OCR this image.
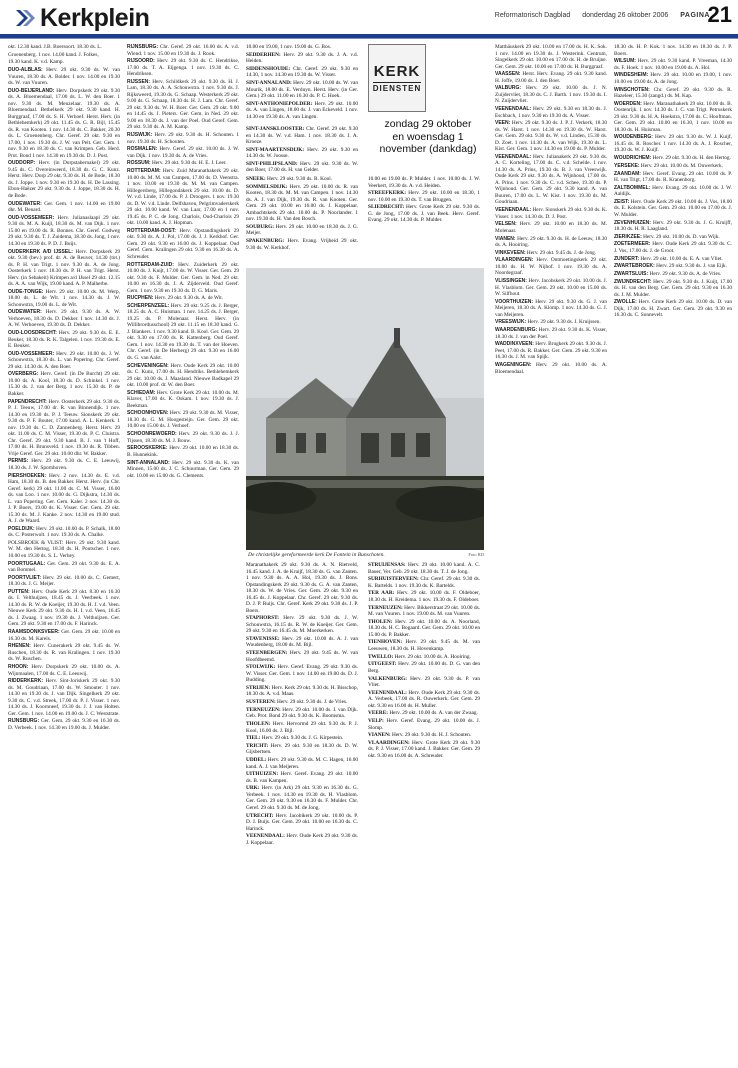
Kerkplein	Reformatorisch Dagblad donderdag 26 oktober 2006 PAGINA
21

okt. 12.30 kand. J.B. Boersoort. 18.30 ds. L.

Groenenberg. 1 nov. 14.00 kand. J. Folkes,

19.30 kand. K. v.d. Kamp.

DUO-ALBLAS: Herv. 29 okt. 9.30 ds. W. van Vuuren, 18.30 ds. A. Bolder. 1 nov. 14.00 en 19.30 ds. W. van Vuuren.

DUO-BEIJERLAND: Herv. Dorpskerk 29 okt. 9.30 ds. A. Bloemendaal, 17.00 ds. L. W. den Boer. 1 nov. 9.30 ds. M. Meuzelaar. 19.30 ds. A. Bloemendaal. Bethelkerk 29 okt. 9.30 kand. H. Burggraaf, 17.00 ds. S. H. Verhoef. Herst. Herv. (in Bethlehemkerk) 29 okt. 11.45 ds. G. R. Bijl, 15.45 ds. R. van Kooten. 1 nov. 14.30 ds. C. Bakker, 20.30 ds. L. Groenenberg. Chr. Geref. 29 okt. 9.30 en 17.00, 1 nov. 19.30 ds. J. W. van Pelt. Ger. Gem. 1 nov. 9.30 en 18.30 ds. C. van Krimpen. Geb. Herd. Prot. Bond 1 nov. 14.30 en 19.30 ds. D. J. Post.

OUDDORP: Herv. (in Dorpstabernakel) 29 okt. 9.45 ds. C. Overeinweerd, 18.30 ds. G. C. Kunz. Herst. Herv. Dorp 29 okt. 9.30 ds. H. de Bode, 18.30 ds. J. Joppe. 1 nov. 9.30 en 19.30 ds. H. De Lassing. Ebon-Haëzer 29 okt. 9.30 ds. J. Joppe, 18.30 ds. H. de Bode.

OUDEWATER: Ger. Gem. 1 nov. 14.00 en 19.00 dhr. M. Benard.

OUD-VOSSEMEER: Herv. Julianaslaapl 29 okt. 9.30 ds. M. A. Kuijl, 18.30 ds. M. van Dijk. 1 nov. 15.00 en 19.00 ds. R. Bonnes. Chr. Geref. Godweg 29 okt. 9.30 ds. T. J. Zuidema, 18.30 ds. Jong, 1 nov. 14.30 en 19.30 ds. P. D. J. Buijs.

OUDERKERK A/D IJSSEL: Herv. Dorpskerk 29 okt. 9.30 (bev.) prof. dr. A. de Reuver, 14.30 (tot.) ds. P. H. van Trigt. 1 nov. 9.30 ds. A. de Jong. Oosterkerk 1 nov. 18.30 ds. P. H. van Trigt. Herst. Herv. (in Sebakeit) Krimpen a/d IJssel 29 okt. 12.15 ds. A. A. van Wijk, 19.00 kand. A. P. Malherbe.

OUDE-TONGE: Herv. 29 okt. 10.00 ds. M. Werp, 18.00 ds. L. de Wit. 1 nov. 14.30 ds. J. W. Schouwstra, 19.00 ds. L. de Wit.

OUDEWATER: Herv. 29 okt. 9.30 ds. A. W. Verhoeven, 18.30 ds. D. Dekker. 1 nov. 14.30 ds. J. A. W. Verhoeven, 19.30 ds. D. Dekker.

OUD-LOOSDRECHT: Herv. 29 okt. 9.30 ds. E. E. Beuker, 18.30 ds. R. K. Talgelen. 1 nov. 19.30 ds. E. E. Beuker.

OUD-VOSSEMEER: Herv. 29 okt. 10.00 ds. J. W. Schouwstra, 18.30 ds. L. van Popering. Chr. Geref. 29 okt. 14.30 ds. A. den Boer.

OVERBERG: Herv. Geref. (in De Burcht) 29 okt. 10.00 ds. A. Kool, 18.30 ds. D. Schinkel. 1 nov. 15.30 ds. J. van der Berg. 1 nov. 15.30 ds. P. de Bakker.

PAPENDRECHT: Herv. Oosterkerk 29 okt. 9.30 ds. P. J. Teeuw, 17.00 dr. R. van Binnendijk. 1 nov. 14.30 en 19.30 ds. P. J. Teeuw. Sionskerk 29 okt. 9.30 ds. P. F. Bouter, 17.00 kand. A. L. Kenkerk. 1 nov. 19.30 ds. C. D. Zannenberg. Herst. Herv. 29 okt. 11.00 ds. C. M. Visser, 19.30 ds. P. C. Cluistra. Chr. Geref. 29 okt. 9.30 kand. B. J. van 't Hoff, 17.00 ds. H. Brunsveld. 1 nov. 19.30 ds. R. Tibben. Vrije Geref. Ger. 29 okt. 10.00 dhr. W. Bakker.

PERNIS: Herv. 29 okt. 9.30 ds. C. E. Leeuwij, 18.30 ds. J. W. Spornhoven.

PIERSHOEKEN: Herv. 2 nov. 14.30 ds. E. v.d. Ham, 18.30 ds. B. den Bakker. Herst. Herv. (in Chr. Geref. kerk) 29 okt. 11.00 ds. C. M. Visser, 16.00 ds. van Loo. 1 nov. 10.00 ds. G. Dijkstra, 14.30 ds. L. van Popering. Ger. Gem. Kaler. 2 nov. 14.30 ds. J. P. Boers, 19.00 ds. K. Visser. Ger. Gem. 29 okt. 15.30 ds. M. J. Kanke. 2 nov. 14.30 en 19.00 stud. A. J. de Waard.

POELDIJK: Herv. 29 okt. 10.00 ds. P. Schalk, 18.00 ds. C. Posterwolt. 1 nov. 19.30 ds. A. Chalke.

POLSBROEK & VLIST: Herv. 29 okt. 9.30 kand. W. M. den Hertog, 18.30 ds. H. Poutscher. 1 nov. 10.00 en 19.30 ds. S. L. Verhey.

POORTUGAAL: Ger. Gem. 29 okt. 9.30 ds. E. A. van Bommel.

POORTVLIET: Herv. 29 okt. 10.00 ds. C. Gemert, 18.30 ds. J. G. Meijer.

PUTTEN: Herv. Oude Kerk 29 okt. 8.30 en 10.30 ds. I. Velthuijzen, 18.45 ds. J. Veerbeek. 1 nov. 14.30 ds. R. W. de Koeijer, 19.30 ds. H. J. v.d. Veen. Nieuwe Kerk 29 okt. 9.30 ds. H. I. v.d. Veen, 16.45 ds. J. Zwaag. 1 nov. 19.30 ds. J. Velthuijzen. Ger. Gem. 29 okt. 9.30 en 17.00 ds. F. Harinck.

RAAMSDONKSVEER: Ger. Gem. 29 okt. 10.00 en 16.30 ds. M. Karels.

RHENEN: Herv. Cunerakerk 29 okt. 9.45 ds. W. Ruschen, 18.30 ds. R. van Kralingen. 1 nov. 19.30 ds. W. Ruschen.

RHOON: Herv. Dorpskerk 29 okt. 10.00 ds. A. Wijnmaalen, 17.00 ds. C. E. Leeuwij.

RIDDERKERK: Herv. Sint-Joriskerk 29 okt. 9.30 ds. M. Goudriaan, 17.00 ds. W. Smouter. 1 nov. 14.30 en 19.30 ds. J. van Dijk. Singelkerk 29 okt. 9.30 ds. C. v.d. Streek, 17.00 dr. P. J. Visser. 1 nov. 14.30 ds. J. Koornneef, 19.30 ds. J. J. van Holten. Ger. Gem. 1 nov. 14.00 en 19.00 ds. J. C. Weststrate.

RIJNSBURG: Ger. Gem. 29 okt. 9.30 en 16.30 ds. D. Verbeek. 1 nov. 14.30 en 19.00 ds. J. Mulder.

RIJNSBURG: Chr. Geref. 29 okt. 16.00 ds. A. v.d. Wiend. 1 nov. 15.00 en 19.30 ds. J. Rook.

RIJSOORD: Herv. 29 okt. 9.30 ds. C. Hendrikse, 17.00 ds. T. A. Eijgenga. 1 nov. 19.30 ds. C. Hendriksen.

RIJSSEN: Herv. Schildkerk 29 okt. 9.30 ds. H. J. Lam, 18.30 ds. A. A. Schouwstra. 1 nov. 9.30 ds. J. Rijksweerd, 19.30 ds. G. Schaap. Westerkerk 29 okt. 9.00 ds. G. Schaap, 18.30 ds. H. J. Lam. Chr. Geref. 29 okt. 9.30 ds. W. H. Boer. Ger. Gem. 29 okt. 9.00 en 14.45 ds. J. Pieters. Ger. Gem. in Ned. 29 okt. 9.00 en 18.30 ds. J. van der Poel. Oud Geref. Gem. 29 okt. 9.30 ds. A. M. Kamp.

RIJSWIJK: Herv. 29 okt. 9.30 ds. H. Schouten. 1 nov. 19.30 ds. H. Schouten.

ROSMALEN: Herv. Geref. 29 okt. 10.00 ds. J. W. van Dijk. 1 nov. 19.30 ds. A. de Vries.

ROSSUM: Herv. 29 okt. 9.30 ds. H. E. J. Leer.

ROTTERDAM: Herv. Zuid Maranathakerk 29 okt. 10.00 ds. M. M. van Campen, 17.00 ds. D. Veenstra. 1 nov. 10.00 en 19.30 ds. M. M. van Campen. Hillegersberg, Hillegondakerk 29 okt. 10.00 ds. D. W. v.d. Linde, 17.00 ds. P. J. Droogers. 1 nov. 19.30 ds. D. W. v.d. Linde. Delfshaven, Pelgrimvaderskerk 29 okt. 10.00 kand. W. van Laar, 17.00 en 1 nov. 19.45 ds. P. C. de Jong. Charlois, Oud-Charlois 29 okt. 10.00 kand. A. J. Hopman.

ROTTERDAM-OOST: Herv. Opstandingskerk 29 okt. 9.30 ds. A. J. Pol, 17.00 ds. J. J. Kerkhof. Ger. Gem. 29 okt. 9.30 en 16.00 ds. J. Koppelaar. Oud Geref. Gem. Kralingen 29 okt. 9.30 en 16.30 ds. A. Schreuder.

ROTTERDAM-ZUID: Herv. Zuiderkerk 29 okt. 10.00 ds. J. Kuijt, 17.00 ds. W. Visser. Ger. Gem. 29 okt. 9.30 ds. F. Mulder. Ger. Gem. in Ned. 29 okt. 10.00 en 16.30 ds. J. A. Zijderveld. Oud Geref. Gem. 1 nov. 9.30 en 19.30 ds. D. G. Maris.

RUCPHEN: Herv. 29 okt. 9.30 ds. A. de Wit.

SCHERPENZEEL: Herv. 29 okt. 9.25 ds. J. Berger, 18.25 ds. A. C. Huisman. 1 nov. 14.25 ds. J. Berger, 19.25 ds. P. Molenaar. Herst. Herv. (in Willibrordusschool) 29 okt. 11.15 en 18.30 kand. G. J. Blankers. 1 nov. 9.30 kand. B. Kool. Ger. Gem. 29 okt. 9.30 en 17.00 ds. R. Kattenberg. Oud Geref. Gem. 1 nov. 14.30 en 19.30 ds. T. van der Hoeven. Chr. Geref. (in De Herberg) 29 okt. 9.30 en 16.00 ds. G. van Aalst.

SCHEVENINGEN: Herv. Oude Kerk 29 okt. 10.00 ds. C. Kunz, 17.00 ds. H. Hendriks. Bethlehemkerk 29 okt. 10.00 ds. J. Maasland. Nieuwe Badkapel 29 okt. 10.00 prof. dr. W. den Boer.

SCHIEDAM: Herv. Grote Kerk 29 okt. 10.00 ds. M. Klaver, 17.00 ds. K. Oskam. 1 nov. 19.30 ds. J. Beekman.

SCHOONHOVEN: Herv. 29 okt. 9.30 ds. M. Visser, 18.30 ds. G. M. Hoogesteijn. Ger. Gem. 29 okt. 10.00 en 15.00 ds. J. Verhoef.

SCHOONREWOERD: Herv. 29 okt. 9.30 ds. J. J. Tijssen, 18.30 ds. M. J. Bouw.

SEROOSKERKE: Herv. 29 okt. 10.00 en 18.30 ds. B. Hunnekink.

SINT-ANNALAND: Herv. 29 okt. 9.30 ds. K. van Minnen, 15.00 ds. J. C. Schuurman. Ger. Gem. 29 okt. 10.00 en 15.00 ds. G. Clements.

10.00 en 19.00, 1 nov. 19.00 ds. G. Bos.

SEDDERHEN: Herv. 29 okt. 9.30 ds. J. A. v.d. Heiden.

SIDDENSHOUDE: Chr. Geref. 29 okt. 9.30 en 14.30, 1 nov. 14.30 en 19.30 ds. W. Visser.

SINT-ANNALAND: Herv. 29 okt. 10.00 ds. W. van Mourik, 18.00 ds. E. Verduyn. Herst. Herv. (in Ger. Gem.) 29 okt. 11.00 en 16.30 ds. P. C. Hoek.

SINT-ANTHONIEPOLDER: Herv. 29 okt. 10.00 ds. A. van Lingen, 18.00 ds. J. van Eckeveld. 1 nov. 14.30 en 19.30 ds. A. van Lingen.

SINT-JANSKLOOSTER: Chr. Geref. 29 okt. 9.30 en 14.30 ds. W. v.d. Ham. 1 nov. 18.30 ds. J. A. Kroeze.

SINT-MAARTENSDIJK: Herv. 29 okt. 9.30 en 14.30 ds. W. Joosse.

SINT-PHILIPSLAND: Herv. 29 okt. 9.30 ds. W. den Boer, 17.00 ds. H. van Gelder.

SNEEK: Herv. 29 okt. 9.30 ds. R. Kool.

SOMMELSDIJK: Herv. 29 okt. 10.00 ds. R. van Kooten, 18.30 ds. M. M. van Campen. 1 nov. 14.30 ds. A. J. van Dijk, 19.30 ds. R. van Kooten. Ger. Gem. 29 okt. 10.00 en 16.00 ds. J. Koppelaar. Ambachtskerk 29 okt. 10.00 ds. P. Noorlander. 1 nov. 19.30 ds. H. Van den Bosch.

SOUBURG: Herv. 29 okt. 10.00 en 18.30 ds. J. G. Meijer.

SPAKENBURG: Herv. Evang. Vrijheid 29 okt. 9.30 ds. W. Kerkhof.

KERK
DIENSTEN
zondag 29 oktober en woensdag 1 november (dankdag)

10.00 en 19.00 ds. P. Mulder. 1 nov. 10.00 ds. J. W. Veerkert, 19.30 ds. A. v.d. Heiden.

STREEFKERK: Herv. 29 okt. 10.00 en 18.30, 1 nov. 10.00 en 19.30 ds. T. van Bruggen.

SLIEDRECHT: Herv. Grote Kerk 29 okt. 9.30 ds. G. de Jong, 17.00 ds. J. van Beek. Herv. Geref. Evang. 29 okt. 14.30 ds. P. Mulder.

De christelijke gereformeerde kerk De Fontein in Bunschoten.	Foto RD

Maranathakerk 29 okt. 9.30 ds. A. N. Rietveld, 16.45 kand. J. A. de Kruijf, 18.30 ds. G. van Zanten. 1 nov. 9.30 ds. A. A. Hol, 19.30 ds. J. Bons. Opstandingskerk 29 okt. 9.30 ds. G. A. van Zanten, 18.30 ds. W. de Vries. Ger. Gem. 29 okt. 9.30 en 16.45 ds. J. Koppelaar. Chr. Geref. 29 okt. 9.30 ds. D. J. P. Ruijs. Chr. Geref. Kerk 29 okt. 9.30 ds. J. P. Boers.

STAPHORST: Herv. 29 okt. 9.30 ds. J. W. Schouwstra, 16.15 ds. R. W. de Koeijer. Ger. Gem. 29 okt. 9.30 en 16.45 ds. M. Moerkerken.

STAVENISSE: Herv. 29 okt. 10.00 ds. A. J. van Woudenberg, 18.00 ds. M. Bijl.

STEENBERGEN: Herv. 29 okt. 9.45 ds. W. van Hoofdbeemd.

STOLWIJK: Herv. Geref. Evang. 29 okt. 9.30 ds. W. Visser. Ger. Gem. 1 nov. 14.00 en 19.00 ds. D. J. Budding.

STRIJEN: Herv. Kerk 29 okt. 9.30 ds. H. Bisschop, 18.30 ds. A. v.d. Maas.

SUSTEREN: Herv. 29 okt. 9.30 ds. J. de Vries.

TERNEUZEN: Herv. 29 okt. 10.00 ds. J. van Dijk. Geb. Prot. Bond 29 okt. 9.30 ds. K. Boomsma.

THOLEN: Herv. Hervormd 29 okt. 9.30 ds. P. J. Kool, 16.00 ds. J. Bijl.

TIEL: Herv. 29 okt. 9.30 ds. J. G. Kirpestein.

TRICHT: Herv. 29 okt. 9.30 en 18.30 ds. D. W. Gijsbertsen.

UDDEL: Herv. 29 okt. 9.30 ds. M. C. Hagen, 16.00 kand. A. J. van Meijeren.

UITHUIZEN: Herv. Geref. Evang. 29 okt. 10.00 ds. B. van Kampen.

URK: Herv. (in Ark) 29 okt. 9.30 en 16.30 ds. G. Verbeek. 1 nov. 14.30 en 19.30 ds. H. Vlasblom. Ger. Gem. 29 okt. 9.30 en 16.30 ds. F. Mulder. Chr. Geref. 29 okt. 9.30 ds. M. de Jong.

UTRECHT: Herv. Jacobikerk 29 okt. 10.00 ds. P. D. J. Buijs. Ger. Gem. 29 okt. 10.00 en 16.30 ds. C. Harinck.

VEENENDAAL: Herv. Oude Kerk 29 okt. 9.30 ds. J. Koppelaar.

STRUIJENSAS: Herv. 29 okt. 10.00 kand. A. C. Bauer, Ver. Geb. 29 okt. 18.30 ds. T. J. de Jong.

SURHUISTERVEEN: Chr. Geref. 29 okt. 9.30 ds. K. Bartelds. 1 nov. 19.30 ds. K. Bartelds.

TER AAR: Herv. 29 okt. 10.00 ds. F. Oldeboer, 18.30 ds. H. Kreidema. 1 nov. 19.30 ds. F. Oldeboer.

TERNEUZEN: Herv. Bikkerstraat 29 okt. 10.00 ds. M. van Vuuren. 1 nov. 19.00 ds. M. van Vuuren.

THOLEN: Herv. 29 okt. 10.00 ds. A. Noorland, 18.30 ds. H. C. Bogaard. Ger. Gem. 29 okt. 10.00 en 15.00 ds. P. Bakker.

TIENHOVEN: Herv. 29 okt. 9.45 ds. M. van Leeuwen, 18.30 ds. H. Hovenkamp.

TWELLO: Herv. 29 okt. 10.00 ds. A. Hooiring.

UITGEEST: Herv. 29 okt. 10.00 ds. D. G. van den Berg.

VALKENBURG: Herv. 29 okt. 9.30 ds. P. van Vliet.

VEENENDAAL: Herv. Oude Kerk 29 okt. 9.30 ds. A. Verbeek, 17.00 ds. R. Ouwerkerk. Ger. Gem. 29 okt. 9.30 en 16.00 ds. H. Muller.

VEERE: Herv. 29 okt. 10.00 ds. A. van der Zwaag.

VELP: Herv. Geref. Evang. 29 okt. 10.00 ds. J. Slomp.

VIANEN: Herv. 29 okt. 9.30 ds. H. J. Schouten.

VLAARDINGEN: Herv. Grote Kerk 29 okt. 9.30 ds. P. J. Visser, 17.00 kand. J. Bakker. Ger. Gem. 29 okt. 9.30 en 16.00 ds. A. Schreuder.

Matthäuskerk 29 okt. 10.00 en 17.00 ds. H. K. Sok. 1 nov. 14.00 en 19.30 ds. J. Westerink. Centrum, Singelkerk 29 okt. 10.00 en 17.00 ds. H. de Bruijne. Ger. Gem. 29 okt. 10.00 en 17.00 ds. H. Burggraaf.

VAASSEN: Herst. Herv. Evang. 29 okt. 9.30 kand. H. Joffe, 19.00 ds. J. den Boer.

VALBURG: Herv. 29 okt. 10.00 ds. J. N. Zuijdervliet, 18.30 ds. C. J. Barth. 1 nov. 19.30 ds. I. N. Zuijdervliet.

VEENENDAAL: Herv. 29 okt. 9.30 en 18.30 ds. J. Eschbach, 1 nov. 9.30 en 19.30 ds. A. Visser.

VEEN: Herv. 29 okt. 9.30 ds. J. P. J. Verkerk, 18.30 ds. W. Harst. 1 nov. 14.30 en 19.30 ds. W. Harst. Ger. Gem. 29 okt. 9.30 ds. W. v.d. Linden, 15.30 ds. D. Zoet. 1 nov. 14.30 ds. A. van Wijk, 19.30 ds. L. Kist. Ger. Gem. 1 nov. 14.30 en 19.00 ds. P. Mulder.

VEENENDAAL: Herv. Julianakerk 29 okt. 9.30 ds. A. C. Korteling, 17.00 ds. C. v.d. Schelde. 1 nov. 14.30 ds. A. Prins, 19.30 ds. B. J. van Vreeswijk. Oude Kerk 29 okt. 9.30 ds. A. Wijnhoud, 17.00 ds. A. Prins. 1 nov. 9.30 ds. C. v.d. Schee, 19.30 ds. P. Wijnhoud. Ger. Gem. 29 okt. 9.30 kand. A. van Buuren, 17.00 ds. L. W. Kist. 1 nov. 19.30 ds. M. Goudriaan.

VEENENDAAL: Herv. Sionskerk 29 okt. 9.30 ds. K. Visser. 1 nov. 14.30 ds. D. J. Post.

VELSEN: Herv. 29 okt. 10.00 en 18.30 ds. M. Molenaar.

VIANEN: Herv. 29 okt. 9.30 ds. H. de Leeuw, 18.30 ds. A. Hooiring.

VINKEVEEN: Herv. 29 okt. 9.45 ds. J. de Jong.

VLAARDINGEN: Herv. Ontmoetingskerk 29 okt. 10.00 ds. H. W. Nijhof. 1 nov. 19.30 ds. A. Noordegraaf.

VLISSINGEN: Herv. Jacobskerk 29 okt. 10.00 ds. J. H. Vlasblom. Ger. Gem. 29 okt. 10.00 en 15.00 ds. W. Silfhout.

VOORTHUIZEN: Herv. 29 okt. 9.30 ds. G. J. van Meijeren, 18.30 ds. A. Klomp. 1 nov. 14.30 ds. G. J. van Meijeren.

VREESWIJK: Herv. 29 okt. 9.30 ds. J. Kruijssen.

WAARDENBURG: Herv. 29 okt. 9.30 ds. K. Visser, 18.30 ds. J. van der Poel.

WADDINXVEEN: Herv. Brugkerk 29 okt. 9.30 ds. J. Peet, 17.00 ds. R. Bakker. Ger. Gem. 29 okt. 9.30 en 16.30 ds. J. M. van Spijk.

WAGENINGEN: Herv. 29 okt. 10.00 ds. A. Bloemendaal.

18.30 ds. H. P. Kok. 1 nov. 14.30 en 18.30 ds. J. P. Boers.

WILSUM: Herv. 29 okt. 9.30 kand. P. Vreeman, 14.30 ds. F. Hoek. 1 nov. 10.00 en 19.00 ds. A. Hol.

WINDESHEIM: Herv. 29 okt. 10.00 en 19.00, 1 nov. 10.00 en 19.00 ds. A. de Jong.

WINSCHOTEN: Chr. Geref. 29 okt. 9.30 ds. R. Hazeleer, 15.30 (zangd.) ds. M. Kap.

WOERDEN: Herv. Maranathakerk 29 okt. 10.00 ds. B. Oostenrijk. 1 nov. 14.30 ds. J. C. van Trigt. Petruskerk 29 okt. 9.30 ds. H. A. Hoekstra, 17.00 ds. C. Hooftman. Ger. Gem. 29 okt. 10.00 en 16.30, 1 nov. 10.00 en 18.30 ds. H. Huisman.

WOUDENBERG: Herv. 29 okt. 9.30 ds. W. J. Kuijf, 16.45 ds. R. Roscher. 1 nov. 14.30 ds. A. J. Roscher, 19.30 ds. W. J. Kuijf.

WOUDRICHEM: Herv. 29 okt. 9.30 ds. H. den Hertog.

YERSEKE: Herv. 29 okt. 10.00 ds. M. Ouwerkerk.

ZAANDAM: Herv. Geref. Evang. 29 okt. 10.00 ds. P. H. van Trigt, 17.00 ds. R. Kranenborg.

ZALTBOMMEL: Herv. Evang. 29 okt. 10.00 ds. J. W. Aaldijk.

ZEIST: Herv. Oude Kerk 29 okt. 10.00 ds. J. Vos, 18.00 ds. E. Kolstein. Ger. Gem. 29 okt. 10.00 en 17.00 ds. J. W. Mulder.

ZEVENHUIZEN: Herv. 29 okt. 9.30 ds. J. G. Kruijff, 18.30 ds. H. R. Laagland.

ZIERIKZEE: Herv. 29 okt. 10.00 ds. D. van Wijk.

ZOETERMEER: Herv. Oude Kerk 29 okt. 9.30 ds. C. J. Vos, 17.00 ds. J. de Groot.

ZUNDERT: Herv. 29 okt. 10.00 ds. E. A. van Vliet.

ZWARTEBROEK: Herv. 29 okt. 9.30 ds. J. van Eijk.

ZWARTSLUIS: Herv. 29 okt. 9.30 ds. A. de Vries.

ZWIJNDRECHT: Herv. 29 okt. 9.30 ds. J. Kuijt, 17.00 ds. H. van den Berg. Ger. Gem. 29 okt. 9.30 en 16.30 ds. J. M. Mulder.

ZWOLLE: Herv. Grote Kerk 29 okt. 10.00 ds. D. van Dijk, 17.00 ds. H. Zwart. Ger. Gem. 29 okt. 9.30 en 16.30 ds. C. Sonnevelt.
